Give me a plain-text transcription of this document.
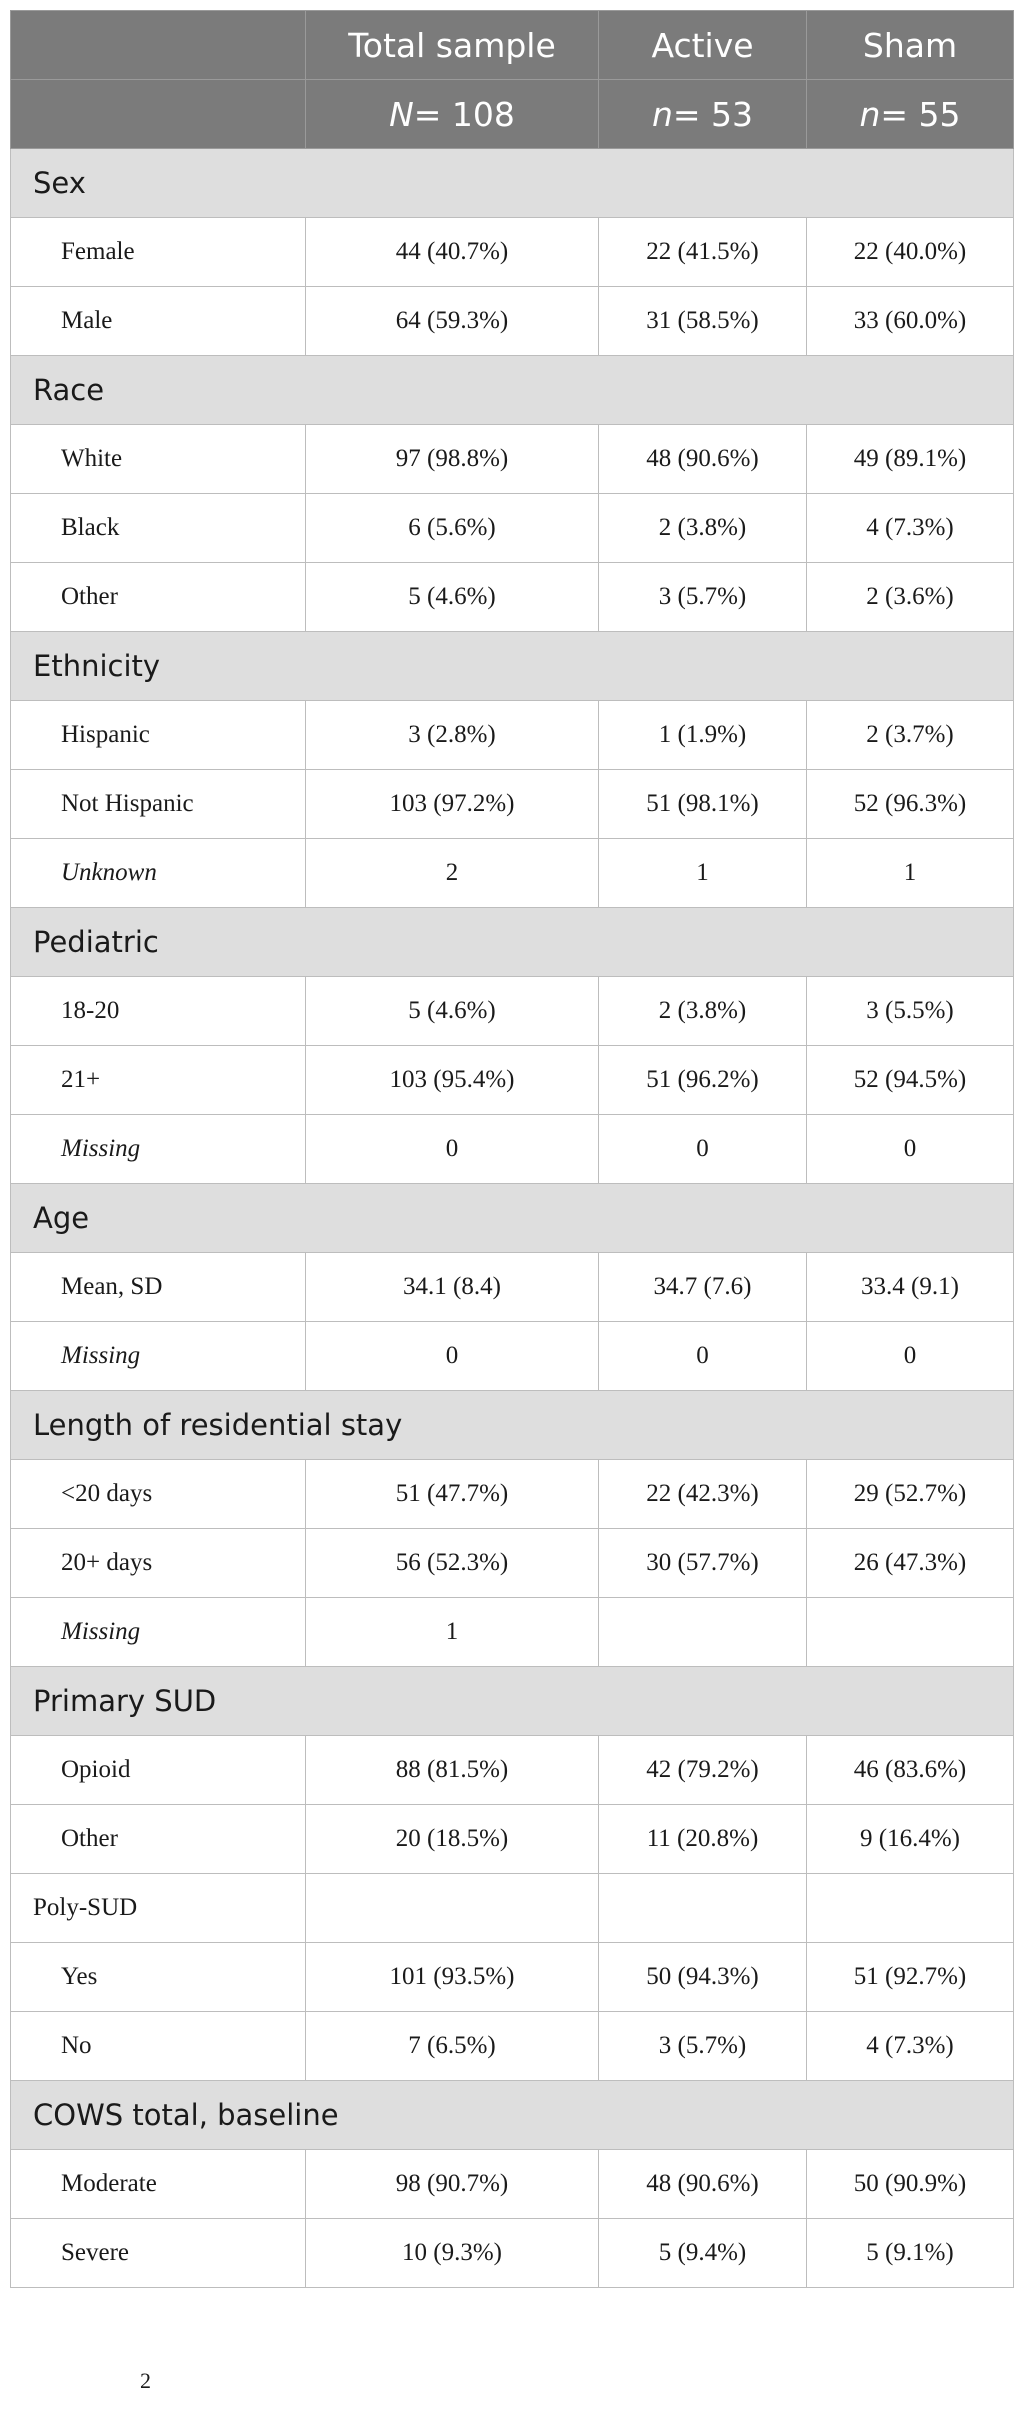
	Total sample	Active	Sham
	N= 108	n= 53	n= 55
Sex			
Female	44 (40.7%)	22 (41.5%)	22 (40.0%)
Male	64 (59.3%)	31 (58.5%)	33 (60.0%)
Race			
White	97 (98.8%)	48 (90.6%)	49 (89.1%)
Black	6 (5.6%)	2 (3.8%)	4 (7.3%)
Other	5 (4.6%)	3 (5.7%)	2 (3.6%)
Ethnicity			
Hispanic	3 (2.8%)	1 (1.9%)	2 (3.7%)
Not Hispanic	103 (97.2%)	51 (98.1%)	52 (96.3%)
Unknown	2	1	1
Pediatric			
18-20	5 (4.6%)	2 (3.8%)	3 (5.5%)
21+	103 (95.4%)	51 (96.2%)	52 (94.5%)
Missing	0	0	0
Age			
Mean, SD	34.1 (8.4)	34.7 (7.6)	33.4 (9.1)
Missing	0	0	0
Length of residential stay			
<20 days	51 (47.7%)	22 (42.3%)	29 (52.7%)
20+ days	56 (52.3%)	30 (57.7%)	26 (47.3%)
Missing	1		
Primary SUD			
Opioid	88 (81.5%)	42 (79.2%)	46 (83.6%)
Other	20 (18.5%)	11 (20.8%)	9 (16.4%)
Poly-SUD			
Yes	101 (93.5%)	50 (94.3%)	51 (92.7%)
No	7 (6.5%)	3 (5.7%)	4 (7.3%)
COWS total, baseline			
Moderate	98 (90.7%)	48 (90.6%)	50 (90.9%)
Severe	10 (9.3%)	5 (9.4%)	5 (9.1%)
2
